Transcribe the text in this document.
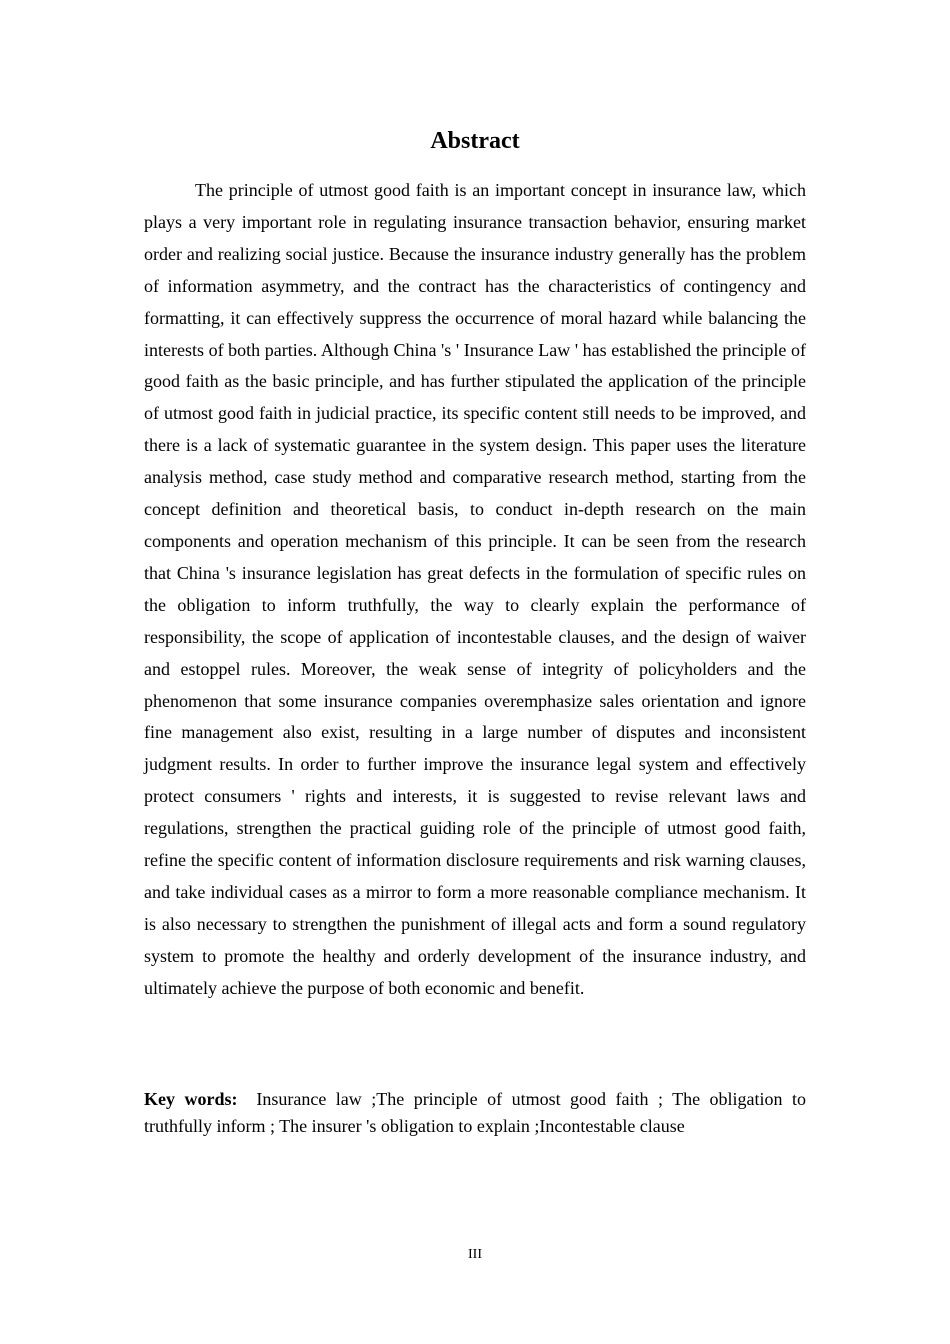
Abstract

The principle of utmost good faith is an important concept in insurance law, which plays a very important role in regulating insurance transaction behavior, ensuring market order and realizing social justice. Because the insurance industry generally has the problem of information asymmetry, and the contract has the characteristics of contingency and formatting, it can effectively suppress the occurrence of moral hazard while balancing the interests of both parties. Although China 's ' Insurance Law ' has established the principle of good faith as the basic principle, and has further stipulated the application of the principle of utmost good faith in judicial practice, its specific content still needs to be improved, and there is a lack of systematic guarantee in the system design. This paper uses the literature analysis method, case study method and comparative research method, starting from the concept definition and theoretical basis, to conduct in-depth research on the main components and operation mechanism of this principle. It can be seen from the research that China 's insurance legislation has great defects in the formulation of specific rules on the obligation to inform truthfully, the way to clearly explain the performance of responsibility, the scope of application of incontestable clauses, and the design of waiver and estoppel rules. Moreover, the weak sense of integrity of policyholders and the phenomenon that some insurance companies overemphasize sales orientation and ignore fine management also exist, resulting in a large number of disputes and inconsistent judgment results. In order to further improve the insurance legal system and effectively protect consumers ' rights and interests, it is suggested to revise relevant laws and regulations, strengthen the practical guiding role of the principle of utmost good faith, refine the specific content of information disclosure requirements and risk warning clauses, and take individual cases as a mirror to form a more reasonable compliance mechanism. It is also necessary to strengthen the punishment of illegal acts and form a sound regulatory system to promote the healthy and orderly development of the insurance industry, and ultimately achieve the purpose of both economic and benefit.

Key words: Insurance law ;The principle of utmost good faith ; The obligation to truthfully inform ; The insurer 's obligation to explain ;Incontestable clause

III
